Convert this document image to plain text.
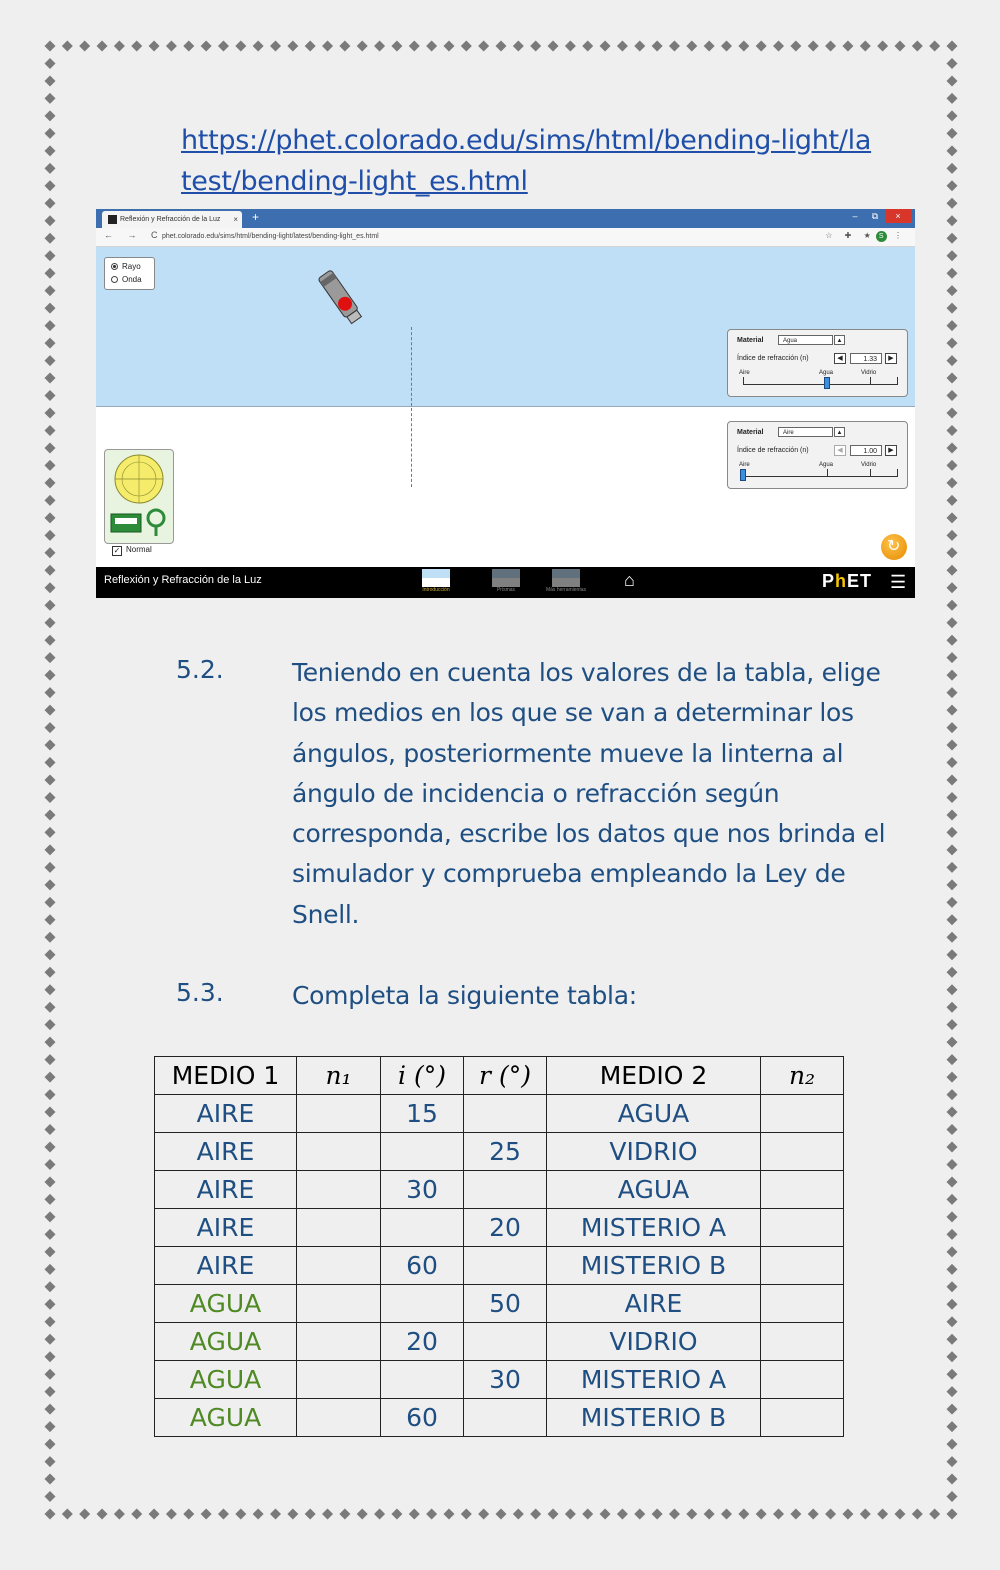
https://phet.colorado.edu/sims/html/bending-light/latest/bending-light_es.html
Reflexión y Refracción de la Luz × +	– ⧉ ×
← → C
phet.colorado.edu/sims/html/bending-light/latest/bending-light_es.html	☆ ✚ ★ S ⋮
Rayo
Onda
Material	Agua	▲
Índice de refracción (n)	◀	1.33	▶
Aire	Agua	Vidrio
Material	Aire	▲
Índice de refracción (n)	◀	1.00	▶
Aire	Agua	Vidrio
✓ Normal
↻
Reflexión y Refracción de la Luz
Introducción	Prismas	Más herramientas ⌂	PhET ☰
5.2.	Teniendo en cuenta los valores de la tabla, elige los medios en los que se van a determinar los ángulos, posteriormente mueve la linterna al ángulo de incidencia o refracción según corresponda, escribe los datos que nos brinda el simulador y comprueba empleando la Ley de Snell.
5.3.	Completa la siguiente tabla:
MEDIO 1	n₁	i (°)	r (°)	MEDIO 2	n₂
AIRE		15		AGUA	
AIRE			25	VIDRIO	
AIRE		30		AGUA	
AIRE			20	MISTERIO A	
AIRE		60		MISTERIO B	
AGUA			50	AIRE	
AGUA		20		VIDRIO	
AGUA			30	MISTERIO A	
AGUA		60		MISTERIO B	
